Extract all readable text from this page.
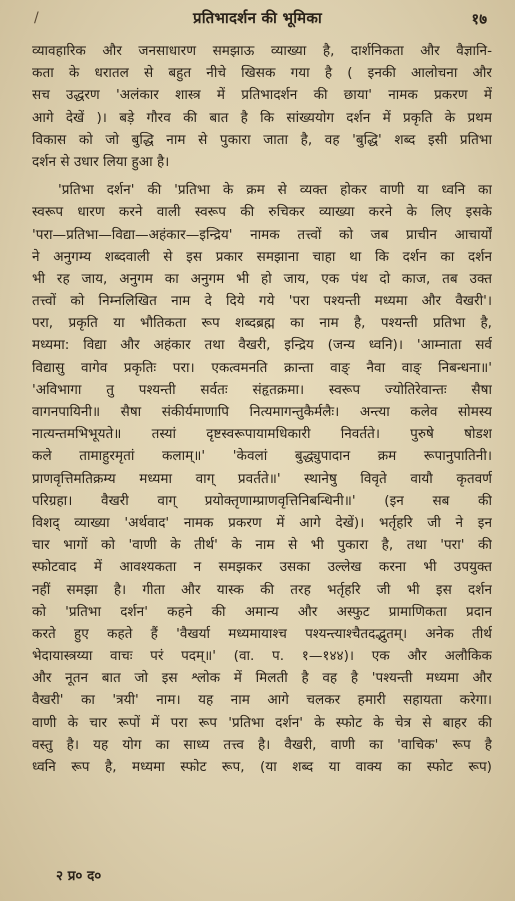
/	प्रतिभादर्शन की भूमिका	१७
व्यावहारिक और जनसाधारण समझाऊ व्याख्या है, दार्शनिकता और वैज्ञानि-
कता के धरातल से बहुत नीचे खिसक गया है ( इनकी आलोचना और
सच उद्धरण 'अलंकार शास्त्र में प्रतिभादर्शन की छाया' नामक प्रकरण में
आगे देखें )। बड़े गौरव की बात है कि सांख्ययोग दर्शन में प्रकृति के प्रथम
विकास को जो बुद्धि नाम से पुकारा जाता है, वह 'बुद्धि' शब्द इसी प्रतिभा
दर्शन से उधार लिया हुआ है।
'प्रतिभा दर्शन' की 'प्रतिभा के क्रम से व्यक्त होकर वाणी या ध्वनि का
स्वरूप धारण करने वाली स्वरूप की रुचिकर व्याख्या करने के लिए इसके
'परा—प्रतिभा—विद्या—अहंकार—इन्द्रिय' नामक तत्त्वों को जब प्राचीन आचार्यों
ने अनुगम्य शब्दवाली से इस प्रकार समझाना चाहा था कि दर्शन का दर्शन
भी रह जाय, अनुगम का अनुगम भी हो जाय, एक पंथ दो काज, तब उक्त
तत्त्वों को निम्नलिखित नाम दे दिये गये 'परा पश्यन्ती मध्यमा और वैखरी'।
परा, प्रकृति या भौतिकता रूप शब्दब्रह्म का नाम है, पश्यन्ती प्रतिभा है,
मध्यमा: विद्या और अहंकार तथा वैखरी, इन्द्रिय (जन्य ध्वनि)। 'आम्नाता सर्व
विद्यासु वागेव प्रकृतिः परा। एकत्वमनति क्रान्ता वाङ् नैवा वाङ् निबन्धना॥'
'अविभागा तु पश्यन्ती सर्वतः संहृतक्रमा। स्वरूप ज्योतिरेवान्तः सैषा
वागनपायिनी॥ सैषा संकीर्यमाणापि नित्यमागन्तुकैर्मलैः। अन्त्या कलेव सोमस्य
नात्यन्तमभिभूयते॥ तस्यां दृष्टस्वरूपायामधिकारी निवर्तते। पुरुषे षोडश
कले तामाहुरमृतां कलाम्॥' 'केवलां बुद्ध्युपादान क्रम रूपानुपातिनी।
प्राणवृत्तिमतिक्रम्य मध्यमा वाग् प्रवर्तते॥' स्थानेषु विवृते वायौ कृतवर्ण
परिग्रहा। वैखरी वाग् प्रयोक्तृणाम्प्राणवृत्तिनिबन्धिनी॥' (इन सब की
विशद् व्याख्या 'अर्थवाद' नामक प्रकरण में आगे देखें)। भर्तृहरि जी ने इन
चार भागों को 'वाणी के तीर्थ' के नाम से भी पुकारा है, तथा 'परा' की
स्फोटवाद में आवश्यकता न समझकर उसका उल्लेख करना भी उपयुक्त
नहीं समझा है। गीता और यास्क की तरह भर्तृहरि जी भी इस दर्शन
को 'प्रतिभा दर्शन' कहने की अमान्य और अस्फुट प्रामाणिकता प्रदान
करते हुए कहते हैं 'वैखर्या मध्यमायाश्च पश्यन्त्याश्चैतदद्भुतम्। अनेक तीर्थ
भेदायास्त्रय्या वाचः परं पदम्॥' (वा. प. १—१४४)। एक और अलौकिक
और नूतन बात जो इस श्लोक में मिलती है वह है 'पश्यन्ती मध्यमा और
वैखरी' का 'त्रयी' नाम। यह नाम आगे चलकर हमारी सहायता करेगा।
वाणी के चार रूपों में परा रूप 'प्रतिभा दर्शन' के स्फोट के चेत्र से बाहर की
वस्तु है। यह योग का साध्य तत्त्व है। वैखरी, वाणी का 'वाचिक' रूप है
ध्वनि रूप है, मध्यमा स्फोट रूप, (या शब्द या वाक्य का स्फोट रूप)
२ प्र० द०
